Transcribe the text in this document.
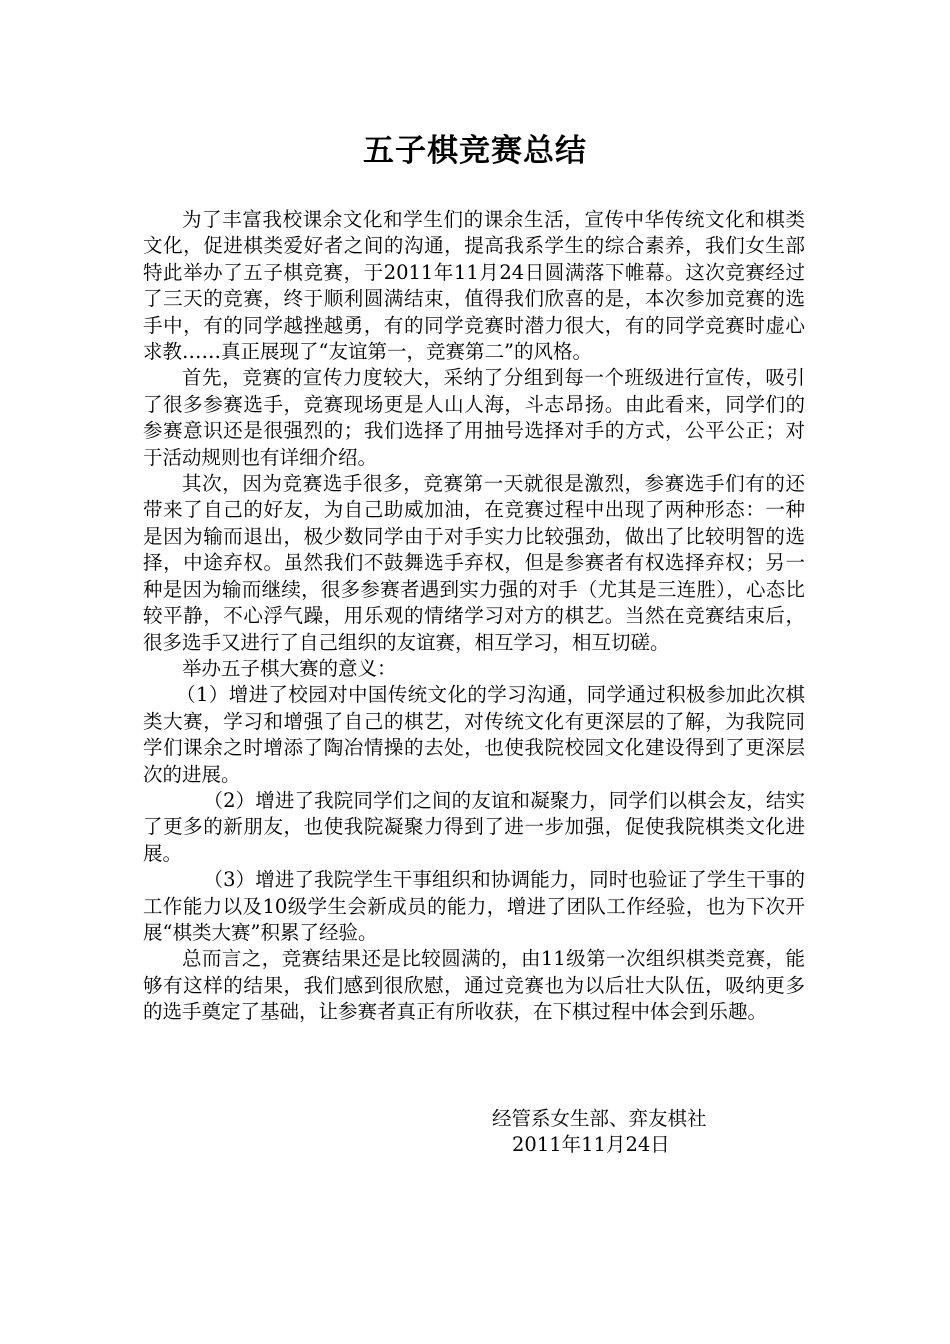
五子棋竞赛总结

为了丰富我校课余文化和学生们的课余生活，宣传中华传统文化和棋类文化，促进棋类爱好者之间的沟通，提高我系学生的综合素养，我们女生部特此举办了五子棋竞赛，于2011年11月24日圆满落下帷幕。这次竞赛经过了三天的竞赛，终于顺利圆满结束，值得我们欣喜的是，本次参加竞赛的选手中，有的同学越挫越勇，有的同学竞赛时潜力很大，有的同学竞赛时虚心求教……真正展现了“友谊第一，竞赛第二”的风格。

首先，竞赛的宣传力度较大，采纳了分组到每一个班级进行宣传，吸引了很多参赛选手，竞赛现场更是人山人海，斗志昂扬。由此看来，同学们的参赛意识还是很强烈的；我们选择了用抽号选择对手的方式，公平公正；对于活动规则也有详细介绍。

其次，因为竞赛选手很多，竞赛第一天就很是激烈，参赛选手们有的还带来了自己的好友，为自己助威加油，在竞赛过程中出现了两种形态：一种是因为输而退出，极少数同学由于对手实力比较强劲，做出了比较明智的选择，中途弃权。虽然我们不鼓舞选手弃权，但是参赛者有权选择弃权；另一种是因为输而继续，很多参赛者遇到实力强的对手（尤其是三连胜），心态比较平静，不心浮气躁，用乐观的情绪学习对方的棋艺。当然在竞赛结束后，很多选手又进行了自己组织的友谊赛，相互学习，相互切磋。

举办五子棋大赛的意义：

（1）增进了校园对中国传统文化的学习沟通，同学通过积极参加此次棋类大赛，学习和增强了自己的棋艺，对传统文化有更深层的了解，为我院同学们课余之时增添了陶冶情操的去处，也使我院校园文化建设得到了更深层次的进展。

（2）增进了我院同学们之间的友谊和凝聚力，同学们以棋会友，结实了更多的新朋友，也使我院凝聚力得到了进一步加强，促使我院棋类文化进展。

（3）增进了我院学生干事组织和协调能力，同时也验证了学生干事的工作能力以及10级学生会新成员的能力，增进了团队工作经验，也为下次开展“棋类大赛”积累了经验。

总而言之，竞赛结果还是比较圆满的，由11级第一次组织棋类竞赛，能够有这样的结果，我们感到很欣慰，通过竞赛也为以后壮大队伍，吸纳更多的选手奠定了基础，让参赛者真正有所收获，在下棋过程中体会到乐趣。

经管系女生部、弈友棋社
2011年11月24日
